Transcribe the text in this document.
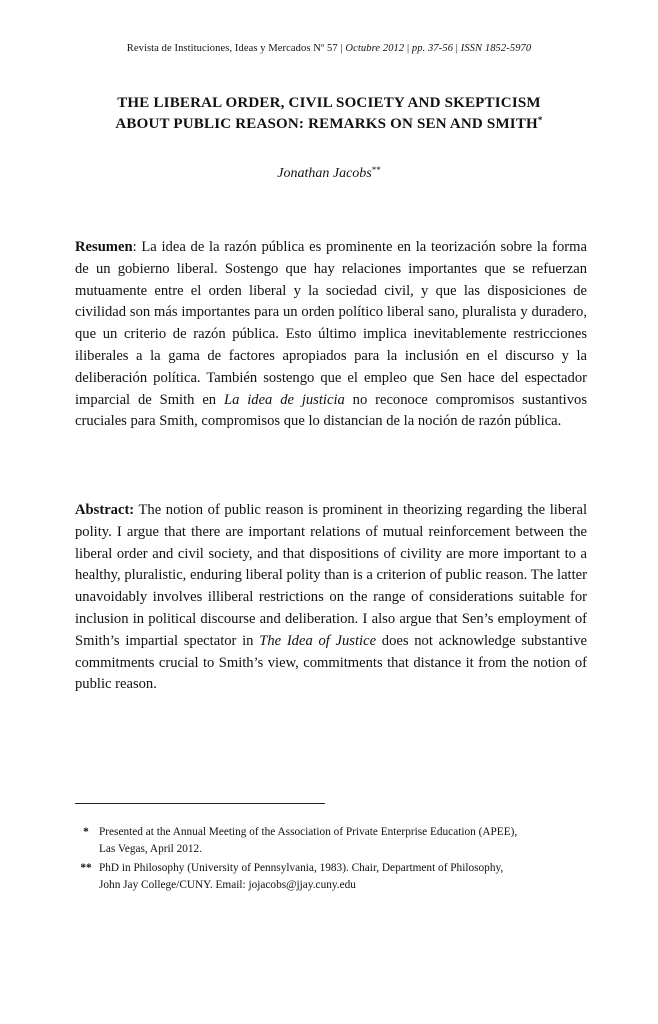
Revista de Instituciones, Ideas y Mercados Nº 57 | Octubre 2012 | pp. 37-56 | ISSN 1852-5970
THE LIBERAL ORDER, CIVIL SOCIETY AND SKEPTICISM
ABOUT PUBLIC REASON: REMARKS ON SEN AND SMITH*
Jonathan Jacobs**

Resumen: La idea de la razón pública es prominente en la teorización sobre la forma de un gobierno liberal. Sostengo que hay relaciones importantes que se refuerzan mutuamente entre el orden liberal y la sociedad civil, y que las disposiciones de civilidad son más importantes para un orden político liberal sano, pluralista y duradero, que un criterio de razón pública. Esto último implica inevitablemente restricciones iliberales a la gama de factores apropiados para la inclusión en el discurso y la deliberación política. También sostengo que el empleo que Sen hace del espectador imparcial de Smith en La idea de justicia no reconoce compromisos sustantivos cruciales para Smith, compromisos que lo distancian de la noción de razón pública.

Abstract: The notion of public reason is prominent in theorizing regarding the liberal polity. I argue that there are important relations of mutual reinforcement between the liberal order and civil society, and that dispositions of civility are more important to a healthy, pluralistic, enduring liberal polity than is a criterion of public reason. The latter unavoidably involves illiberal restrictions on the range of considerations suitable for inclusion in political discourse and deliberation. I also argue that Sen’s employment of Smith’s impartial spectator in The Idea of Justice does not acknowledge substantive commitments crucial to Smith’s view, commitments that distance it from the notion of public reason.

* Presented at the Annual Meeting of the Association of Private Enterprise Education (APEE),
Las Vegas, April 2012.
** PhD in Philosophy (University of Pennsylvania, 1983). Chair, Department of Philosophy,
John Jay College/CUNY. Email: jojacobs@jjay.cuny.edu
